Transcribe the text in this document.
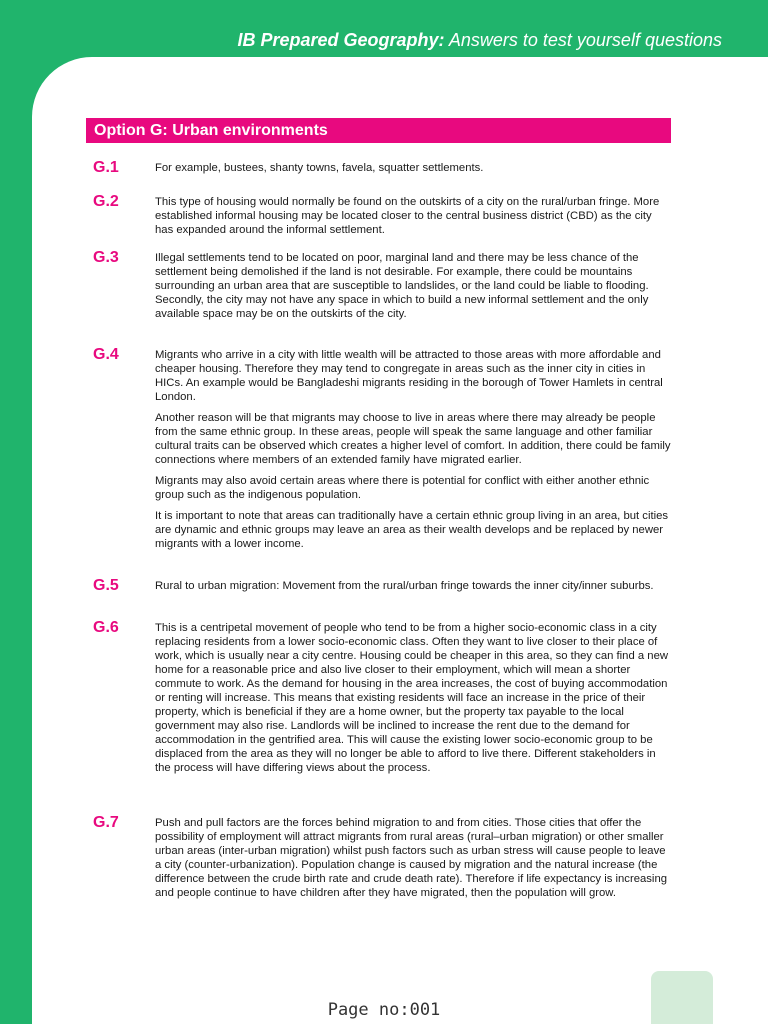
IB Prepared Geography: Answers to test yourself questions
Option G: Urban environments
G.1	For example, bustees, shanty towns, favela, squatter settlements.

G.2	This type of housing would normally be found on the outskirts of a city on the rural/urban fringe. More established informal housing may be located closer to the central business district (CBD) as the city has expanded around the informal settlement.

G.3	Illegal settlements tend to be located on poor, marginal land and there may be less chance of the settlement being demolished if the land is not desirable. For example, there could be mountains surrounding an urban area that are susceptible to landslides, or the land could be liable to flooding. Secondly, the city may not have any space in which to build a new informal settlement and the only available space may be on the outskirts of the city.

G.4	Migrants who arrive in a city with little wealth will be attracted to those areas with more affordable and cheaper housing. Therefore they may tend to congregate in areas such as the inner city in cities in HICs. An example would be Bangladeshi migrants residing in the borough of Tower Hamlets in central London.

Another reason will be that migrants may choose to live in areas where there may already be people from the same ethnic group. In these areas, people will speak the same language and other familiar cultural traits can be observed which creates a higher level of comfort. In addition, there could be family connections where members of an extended family have migrated earlier.

Migrants may also avoid certain areas where there is potential for conflict with either another ethnic group such as the indigenous population.

It is important to note that areas can traditionally have a certain ethnic group living in an area, but cities are dynamic and ethnic groups may leave an area as their wealth develops and be replaced by newer migrants with a lower income.

G.5	Rural to urban migration: Movement from the rural/urban fringe towards the inner city/inner suburbs.

G.6	This is a centripetal movement of people who tend to be from a higher socio-economic class in a city replacing residents from a lower socio-economic class. Often they want to live closer to their place of work, which is usually near a city centre. Housing could be cheaper in this area, so they can find a new home for a reasonable price and also live closer to their employment, which will mean a shorter commute to work. As the demand for housing in the area increases, the cost of buying accommodation or renting will increase. This means that existing residents will face an increase in the price of their property, which is beneficial if they are a home owner, but the property tax payable to the local government may also rise. Landlords will be inclined to increase the rent due to the demand for accommodation in the gentrified area. This will cause the existing lower socio-economic group to be displaced from the area as they will no longer be able to afford to live there. Different stakeholders in the process will have differing views about the process.

G.7	Push and pull factors are the forces behind migration to and from cities. Those cities that offer the possibility of employment will attract migrants from rural areas (rural–urban migration) or other smaller urban areas (inter-urban migration) whilst push factors such as urban stress will cause people to leave a city (counter-urbanization). Population change is caused by migration and the natural increase (the difference between the crude birth rate and crude death rate). Therefore if life expectancy is increasing and people continue to have children after they have migrated, then the population will grow.

Page no:001
